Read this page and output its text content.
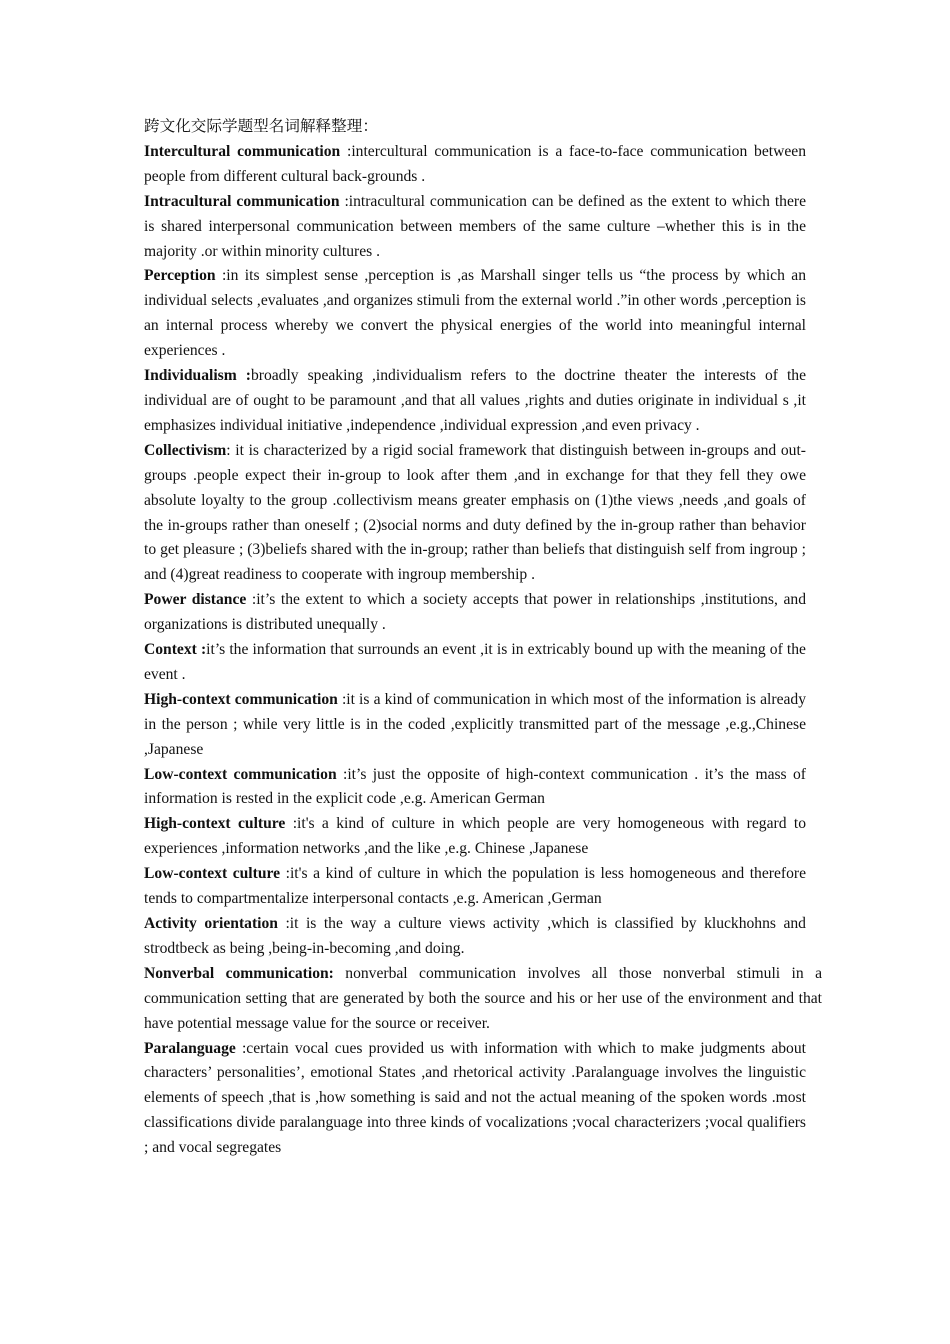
跨文化交际学题型名词解释整理：

Intercultural communication :intercultural communication is a face-to-face communication between people from different cultural back-grounds .

Intracultural communication :intracultural communication can be defined as the extent to which there is shared interpersonal communication between members of the same culture –whether this is in the majority .or within minority cultures .

Perception :in its simplest sense ,perception is ,as Marshall singer tells us “the process by which an individual selects ,evaluates ,and organizes stimuli from the external world .”in other words ,perception is an internal process whereby we convert the physical energies of the world into meaningful internal experiences .

Individualism :broadly speaking ,individualism refers to the doctrine theater the interests of the individual are of ought to be paramount ,and that all values ,rights and duties originate in individual s ,it emphasizes individual initiative ,independence ,individual expression ,and even privacy .

Collectivism: it is characterized by a rigid social framework that distinguish between in-groups and out-groups .people expect their in-group to look after them ,and in exchange for that they fell they owe absolute loyalty to the group .collectivism means greater emphasis on (1)the views ,needs ,and goals of the in-groups rather than oneself ; (2)social norms and duty defined by the in-group rather than behavior to get pleasure ; (3)beliefs shared with the in-group; rather than beliefs that distinguish self from ingroup ; and (4)great readiness to cooperate with ingroup membership .

Power distance :it’s the extent to which a society accepts that power in relationships ,institutions, and organizations is distributed unequally .

Context :it’s the information that surrounds an event ,it is in extricably bound up with the meaning of the event .

High-context communication :it is a kind of communication in which most of the information is already in the person ; while very little is in the coded ,explicitly transmitted part of the message ,e.g.,Chinese ,Japanese

Low-context communication :it’s just the opposite of high-context communication . it’s the mass of information is rested in the explicit code ,e.g. American German

High-context culture :it's a kind of culture in which people are very homogeneous with regard to experiences ,information networks ,and the like ,e.g. Chinese ,Japanese

Low-context culture :it's a kind of culture in which the population is less homogeneous and therefore tends to compartmentalize interpersonal contacts ,e.g. American ,German

Activity orientation :it is the way a culture views activity ,which is classified by kluckhohns and strodtbeck as being ,being-in-becoming ,and doing.

Nonverbal communication: nonverbal communication involves all those nonverbal stimuli in a communication setting that are generated by both the source and his or her use of the environment and that have potential message value for the source or receiver.

Paralanguage :certain vocal cues provided us with information with which to make judgments about characters’ personalities’, emotional States ,and rhetorical activity .Paralanguage involves the linguistic elements of speech ,that is ,how something is said and not the actual meaning of the spoken words .most classifications divide paralanguage into three kinds of vocalizations ;vocal characterizers ;vocal qualifiers ; and vocal segregates
